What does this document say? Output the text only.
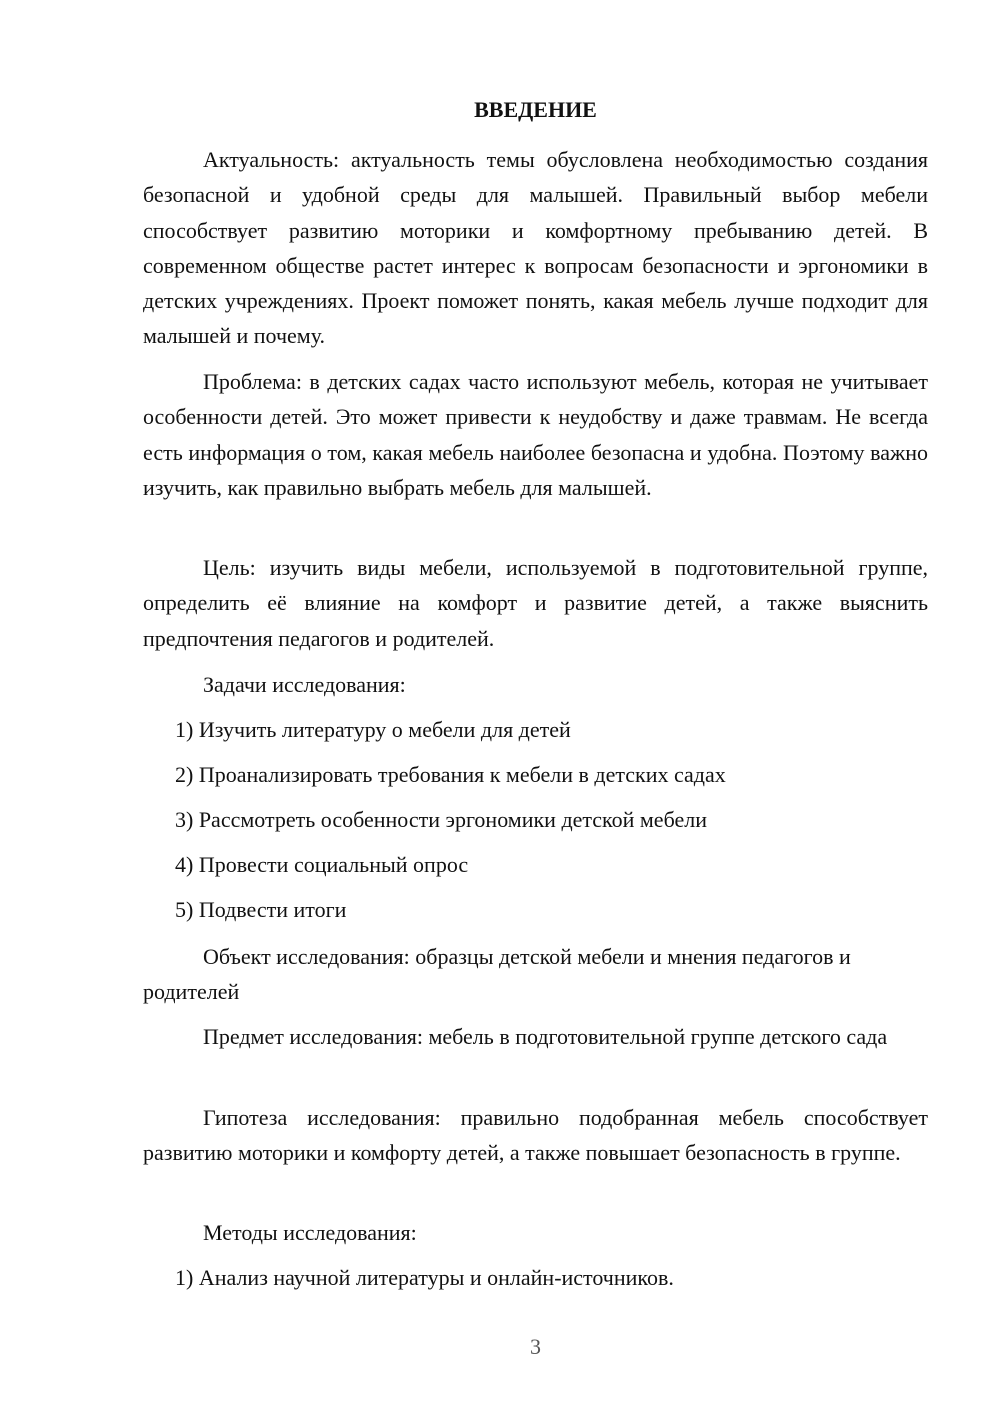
ВВЕДЕНИЕ

Актуальность: актуальность темы обусловлена необходимостью создания безопасной и удобной среды для малышей. Правильный выбор мебели способствует развитию моторики и комфортному пребыванию детей. В современном обществе растет интерес к вопросам безопасности и эргономики в детских учреждениях. Проект поможет понять, какая мебель лучше подходит для малышей и почему.

Проблема: в детских садах часто используют мебель, которая не учитывает особенности детей. Это может привести к неудобству и даже травмам. Не всегда есть информация о том, какая мебель наиболее безопасна и удобна. Поэтому важно изучить, как правильно выбрать мебель для малышей.

Цель: изучить виды мебели, используемой в подготовительной группе, определить её влияние на комфорт и развитие детей, а также выяснить предпочтения педагогов и родителей.

Задачи исследования:

1) Изучить литературу о мебели для детей

2) Проанализировать требования к мебели в детских садах

3) Рассмотреть особенности эргономики детской мебели

4) Провести социальный опрос

5) Подвести итоги

Объект исследования: образцы детской мебели и мнения педагогов и родителей

Предмет исследования: мебель в подготовительной группе детского сада

Гипотеза исследования: правильно подобранная мебель способствует развитию моторики и комфорту детей, а также повышает безопасность в группе.

Методы исследования:

1) Анализ научной литературы и онлайн-источников.

3
